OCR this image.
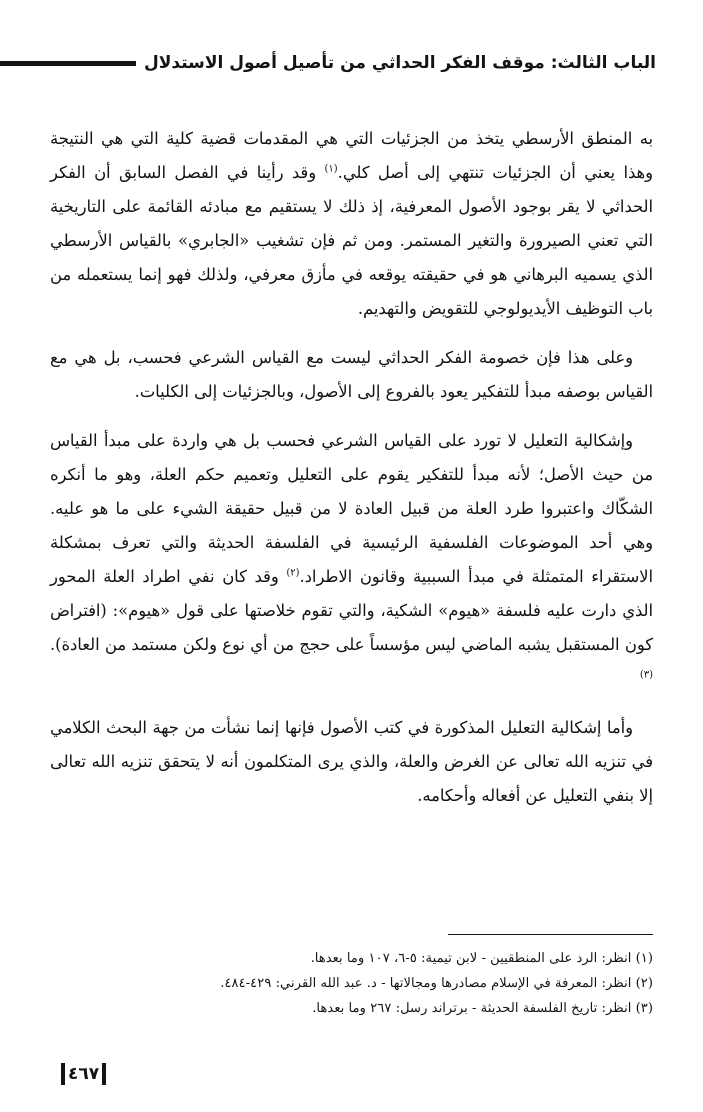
الباب الثالث: موقف الفكر الحداثي من تأصيل أصول الاستدلال

به المنطق الأرسطي يتخذ من الجزئيات التي هي المقدمات قضية كلية التي هي النتيجة وهذا يعني أن الجزئيات تنتهي إلى أصل كلي.$^{(١)}$ وقد رأينا في الفصل السابق أن الفكر الحداثي لا يقر بوجود الأصول المعرفية، إذ ذلك لا يستقيم مع مبادئه القائمة على التاريخية التي تعني الصيرورة والتغير المستمر. ومن ثم فإن تشغيب «الجابري» بالقياس الأرسطي الذي يسميه البرهاني هو في حقيقته يوقعه في مأزق معرفي، ولذلك فهو إنما يستعمله من باب التوظيف الأيديولوجي للتقويض والتهديم.

وعلى هذا فإن خصومة الفكر الحداثي ليست مع القياس الشرعي فحسب، بل هي مع القياس بوصفه مبدأ للتفكير يعود بالفروع إلى الأصول، وبالجزئيات إلى الكليات.

وإشكالية التعليل لا تورد على القياس الشرعي فحسب بل هي واردة على مبدأ القياس من حيث الأصل؛ لأنه مبدأ للتفكير يقوم على التعليل وتعميم حكم العلة، وهو ما أنكره الشكّاك واعتبروا طرد العلة من قبيل العادة لا من قبيل حقيقة الشيء على ما هو عليه. وهي أحد الموضوعات الفلسفية الرئيسية في الفلسفة الحديثة والتي تعرف بمشكلة الاستقراء المتمثلة في مبدأ السببية وقانون الاطراد.$^{(٢)}$ وقد كان نفي اطراد العلة المحور الذي دارت عليه فلسفة «هيوم» الشكية، والتي تقوم خلاصتها على قول «هيوم»: (افتراض كون المستقبل يشبه الماضي ليس مؤسساً على حجج من أي نوع ولكن مستمد من العادة).$^{(٣)}$

وأما إشكالية التعليل المذكورة في كتب الأصول فإنها إنما نشأت من جهة البحث الكلامي في تنزيه الله تعالى عن الغرض والعلة، والذي يرى المتكلمون أنه لا يتحقق تنزيه الله تعالى إلا بنفي التعليل عن أفعاله وأحكامه.

(١) انظر: الرد على المنطقيين - لابن تيمية: ٥-٦، ١٠٧ وما بعدها.
(٢) انظر: المعرفة في الإسلام مصادرها ومجالاتها - د. عبد الله القرني: ٤٢٩-٤٨٤.
(٣) انظر: تاريخ الفلسفة الحديثة - برتراند رسل: ٢٦٧ وما بعدها.
٤٦٧
